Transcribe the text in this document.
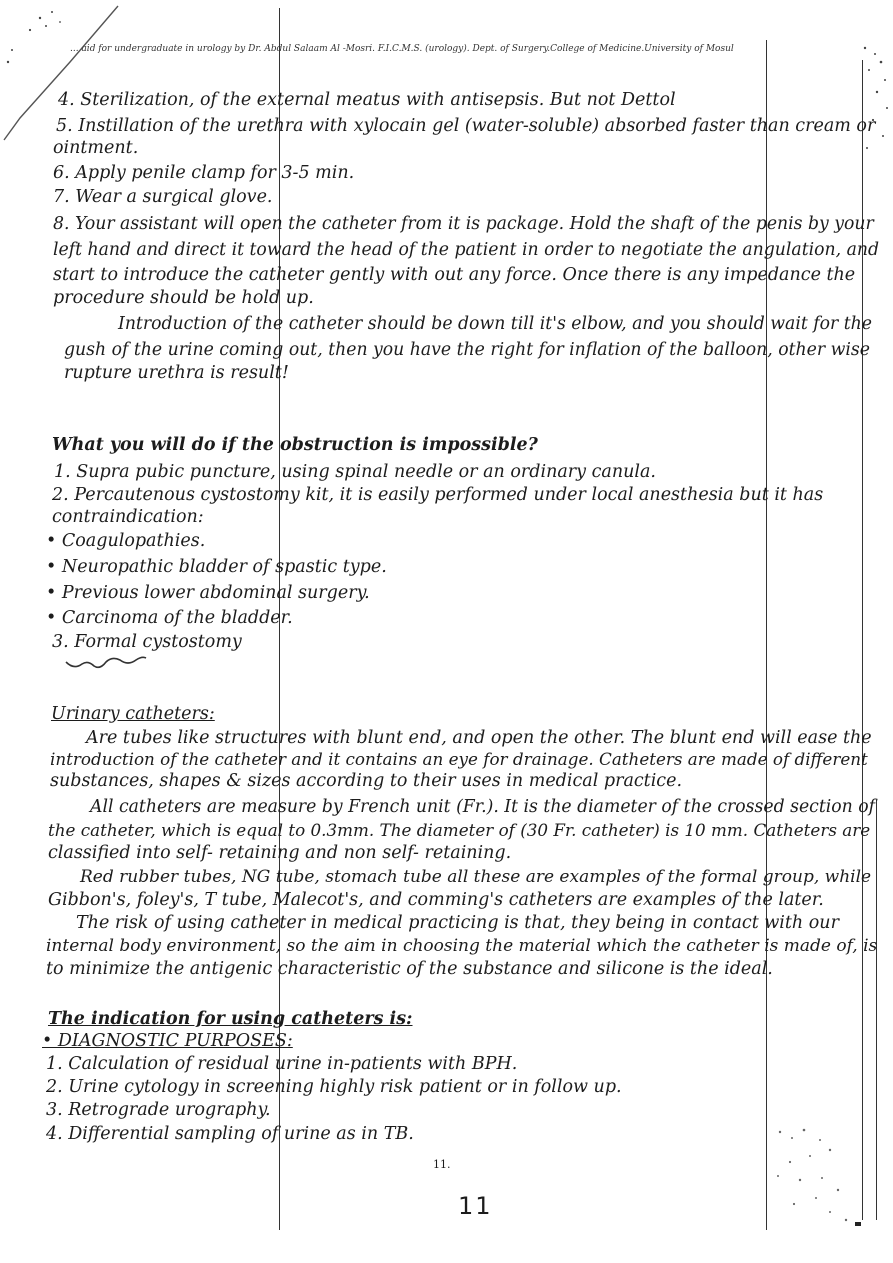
... aid for undergraduate in urology by Dr. Abdul Salaam Al -Mosri. F.I.C.M.S. (urology). Dept. of Surgery.College of Medicine.University of Mosul
4. Sterilization, of the external meatus with antisepsis. But not Dettol
5. Instillation of the urethra with xylocain gel (water-soluble) absorbed faster than cream or
ointment.
6. Apply penile clamp for 3-5 min.
7. Wear a surgical glove.
8. Your assistant will open the catheter from it is package. Hold the shaft of the penis by your
left hand and direct it toward the head of the patient in order to negotiate the angulation, and
start to introduce the catheter gently with out any force. Once there is any impedance the
procedure should be hold up.
Introduction of the catheter should be down till it's elbow, and you should wait for the
gush of the urine coming out, then you have the right for inflation of the balloon, other wise
rupture urethra is result!
What you will do if the obstruction is impossible?
1. Supra pubic puncture, using spinal needle or an ordinary canula.
2. Percautenous cystostomy kit, it is easily performed under local anesthesia but it has
contraindication:
• Coagulopathies.
• Neuropathic bladder of spastic type.
• Previous lower abdominal surgery.
• Carcinoma of the bladder.
3. Formal cystostomy
Urinary catheters:
Are tubes like structures with blunt end, and open the other. The blunt end will ease the
introduction of the catheter and it contains an eye for drainage. Catheters are made of different
substances, shapes & sizes according to their uses in medical practice.
All catheters are measure by French unit (Fr.). It is the diameter of the crossed section of
the catheter, which is equal to 0.3mm. The diameter of (30 Fr. catheter) is 10 mm. Catheters are
classified into self- retaining and non self- retaining.
Red rubber tubes, NG tube, stomach tube all these are examples of the formal group, while
Gibbon's, foley's, T tube, Malecot's, and comming's catheters are examples of the later.
The risk of using catheter in medical practicing is that, they being in contact with our
internal body environment, so the aim in choosing the material which the catheter is made of, is
to minimize the antigenic characteristic of the substance and silicone is the ideal.
The indication for using catheters is:
• DIAGNOSTIC PURPOSES:
1. Calculation of residual urine in-patients with BPH.
2. Urine cytology in screening highly risk patient or in follow up.
3. Retrograde urography.
4. Differential sampling of urine as in TB.
11.
11
